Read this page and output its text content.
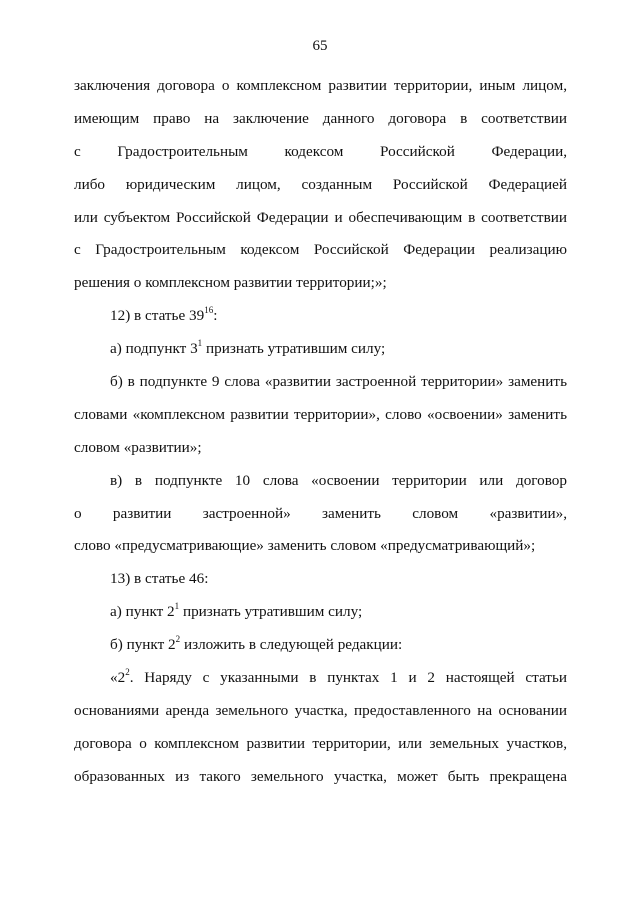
65
заключения договора о комплексном развитии территории, иным лицом,
имеющим право на заключение данного договора в соответствии
с Градостроительным кодексом Российской Федерации,
либо юридическим лицом, созданным Российской Федерацией
или субъектом Российской Федерации и обеспечивающим в соответствии
с Градостроительным кодексом Российской Федерации реализацию
решения о комплексном развитии территории;»;
12) в статье $39^{16}$:
а) подпункт $3^1$ признать утратившим силу;
б) в подпункте 9 слова «развитии застроенной территории» заменить
словами «комплексном развитии территории», слово «освоении» заменить
словом «развитии»;
в) в подпункте 10 слова «освоении территории или договор
о развитии застроенной» заменить словом «развитии»,
слово «предусматривающие» заменить словом «предусматривающий»;
13) в статье 46:
а) пункт $2^1$ признать утратившим силу;
б) пункт $2^2$ изложить в следующей редакции:
«$2^2$. Наряду с указанными в пунктах 1 и 2 настоящей статьи
основаниями аренда земельного участка, предоставленного на основании
договора о комплексном развитии территории, или земельных участков,
образованных из такого земельного участка, может быть прекращена
